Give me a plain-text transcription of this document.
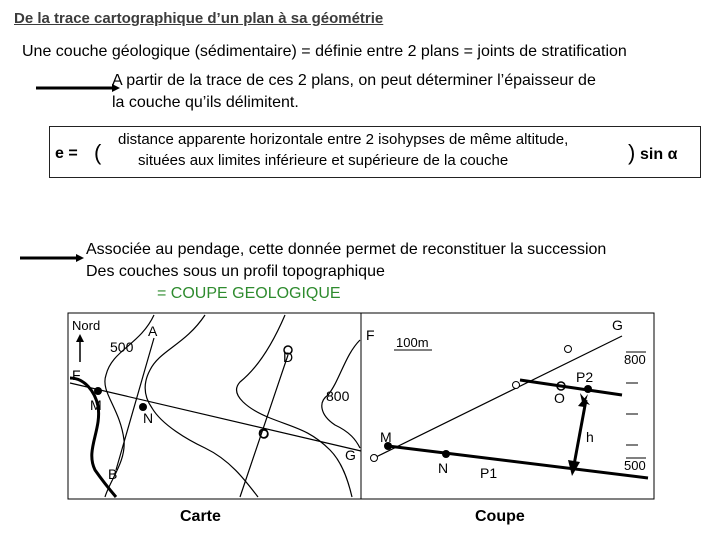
De la trace cartographique d’un plan à sa géométrie
Une couche géologique (sédimentaire) = définie entre 2 plans = joints de stratification
Nord	A
500
F
M
N
D
800
O
G
B
F
G
100m
800
500
P2
O
h
M
N P1
A partir de la trace de ces 2 plans, on peut déterminer l’épaisseur de
la couche qu’ils délimitent.
e = (
distance apparente horizontale entre 2 isohypses de même altitude,
situées aux limites inférieure et supérieure de la couche	) sin α
Associée au pendage, cette donnée permet de reconstituer la succession
Des couches sous un profil topographique
= COUPE GEOLOGIQUE
Carte	Coupe
